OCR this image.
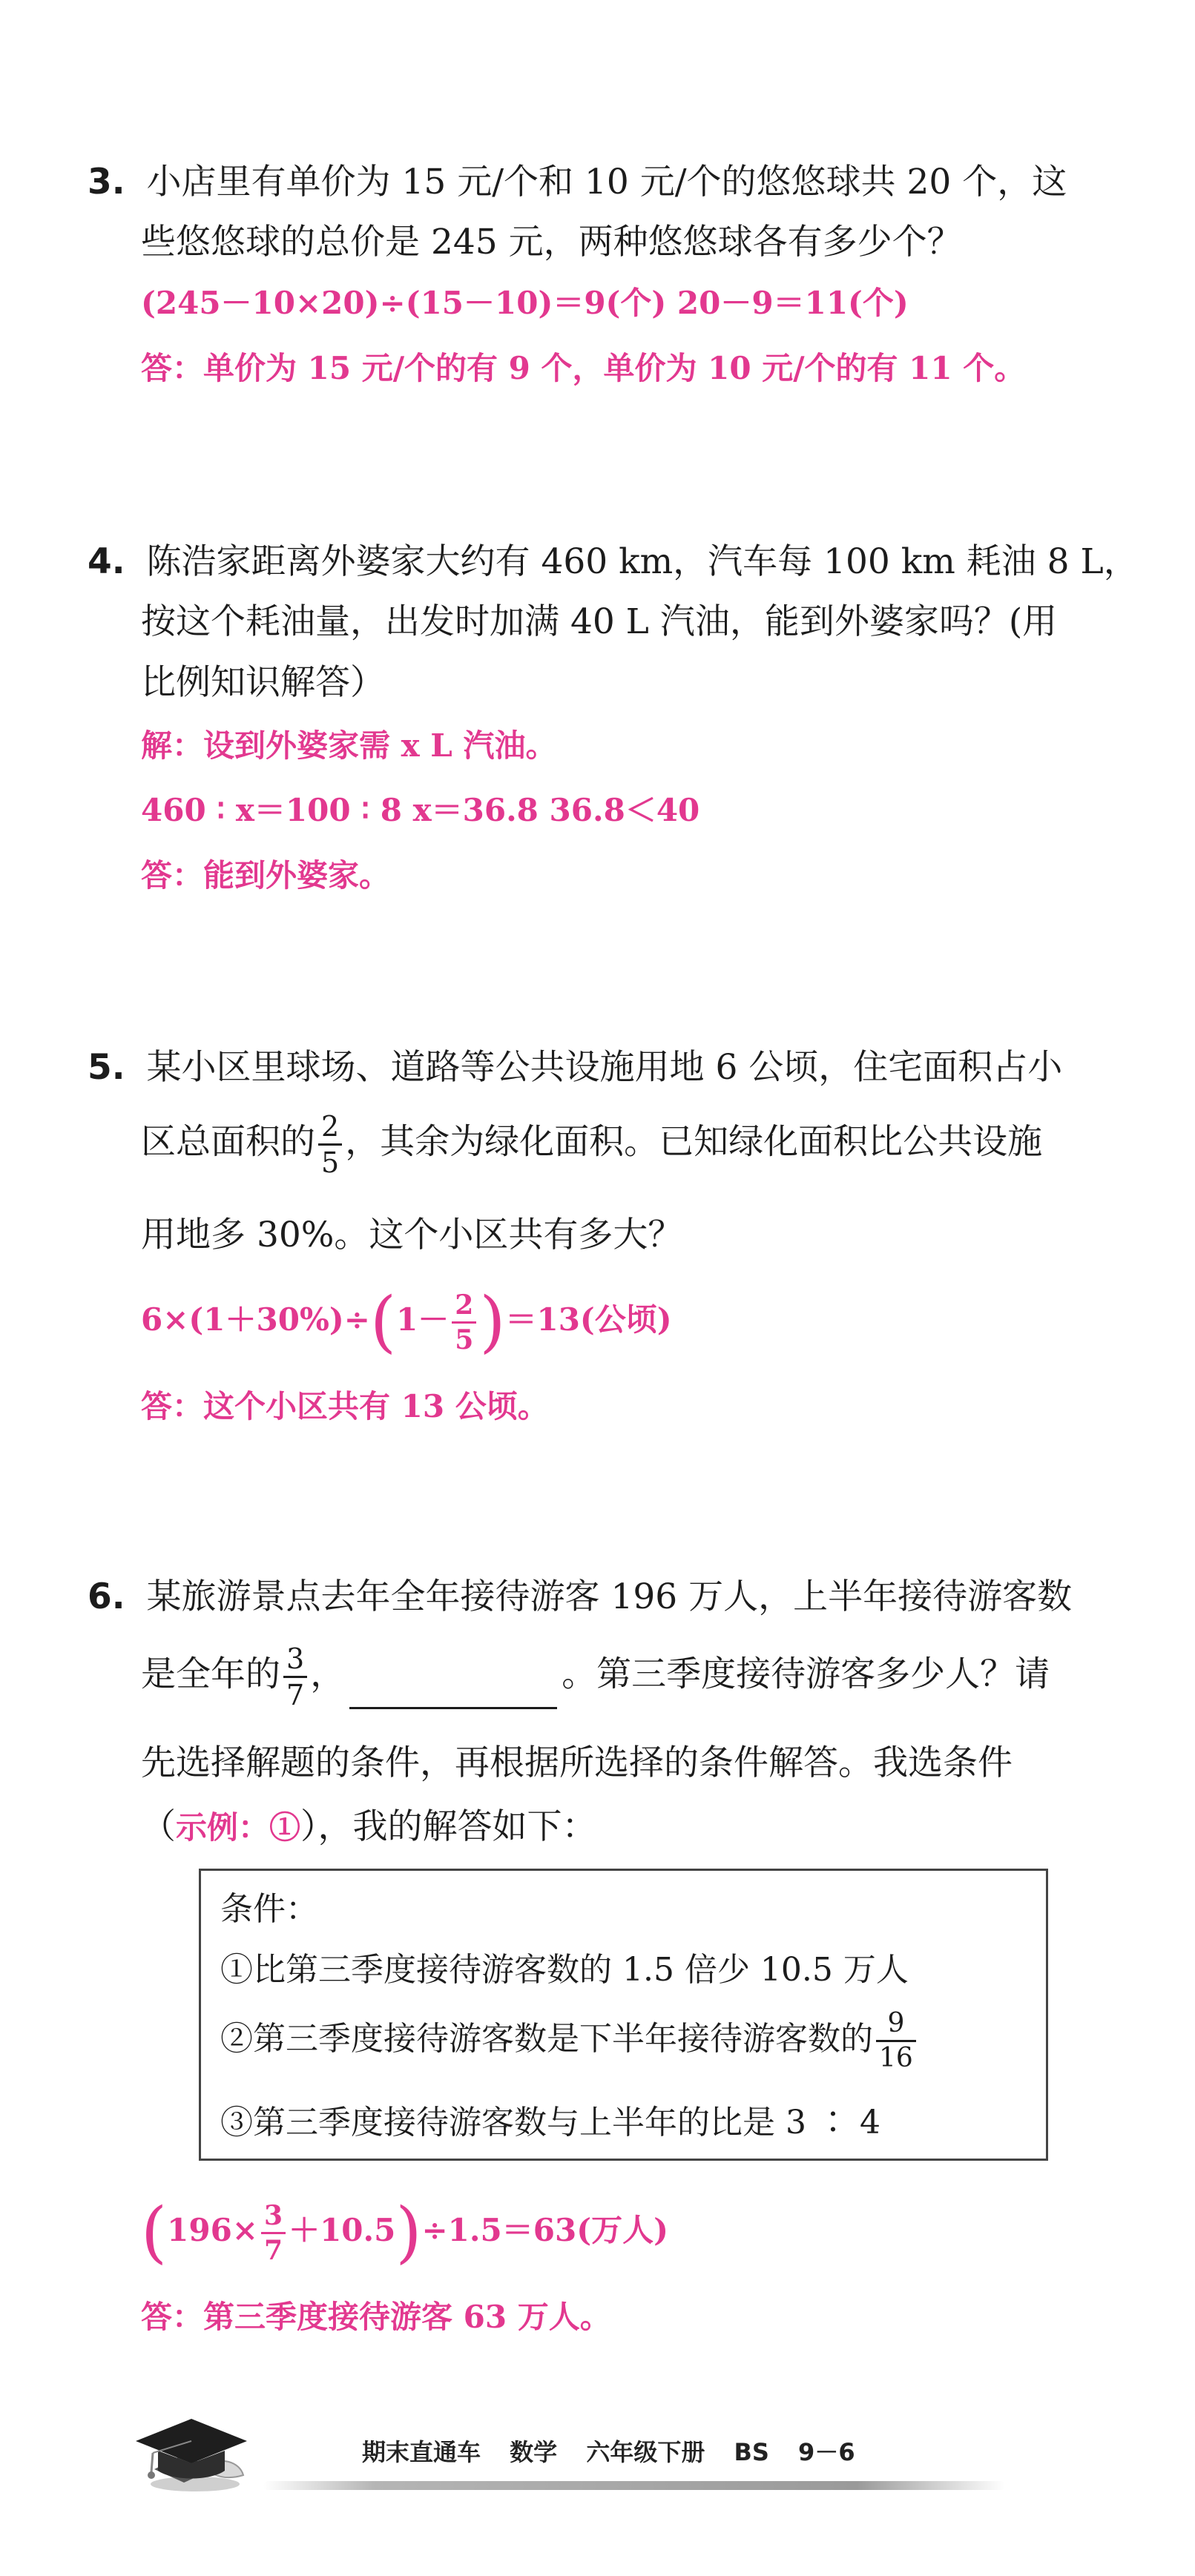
3. 小店里有单价为 15 元/个和 10 元/个的悠悠球共 20 个，这
些悠悠球的总价是 245 元，两种悠悠球各有多少个？
(245－10×20)÷(15－10)＝9(个) 20－9＝11(个)
答：单价为 15 元/个的有 9 个，单价为 10 元/个的有 11 个。
4. 陈浩家距离外婆家大约有 460 km，汽车每 100 km 耗油 8 L，
按这个耗油量，出发时加满 40 L 汽油，能到外婆家吗？(用
比例知识解答）
解：设到外婆家需 x L 汽油。
460 ∶ x＝100 ∶ 8 x＝36.8 36.8＜40
答：能到外婆家。
5. 某小区里球场、道路等公共设施用地 6 公顷，住宅面积占小
区总面积的 $\frac{2}{5}$ ，其余为绿化面积。已知绿化面积比公共设施
用地多 30%。这个小区共有多大？
$6\times(1+30\%)\div(1- \frac{2}{5} )=13$(公顷)
答：这个小区共有 13 公顷。
6. 某旅游景点去年全年接待游客 196 万人，上半年接待游客数
是全年的 $\frac{3}{7}$ ，	。第三季度接待游客多少人？请
先选择解题的条件，再根据所选择的条件解答。我选条件
（示例：①），我的解答如下：
条件：
①比第三季度接待游客数的 1.5 倍少 10.5 万人
②第三季度接待游客数是下半年接待游客数的 $\frac{9}{16}$
③第三季度接待游客数与上半年的比是 3 ∶ 4
$(196\times \frac{3}{7} +10.5)\div 1.5=63$(万人)
答：第三季度接待游客 63 万人。
期末直通车 数学 六年级下册 BS 9－6
